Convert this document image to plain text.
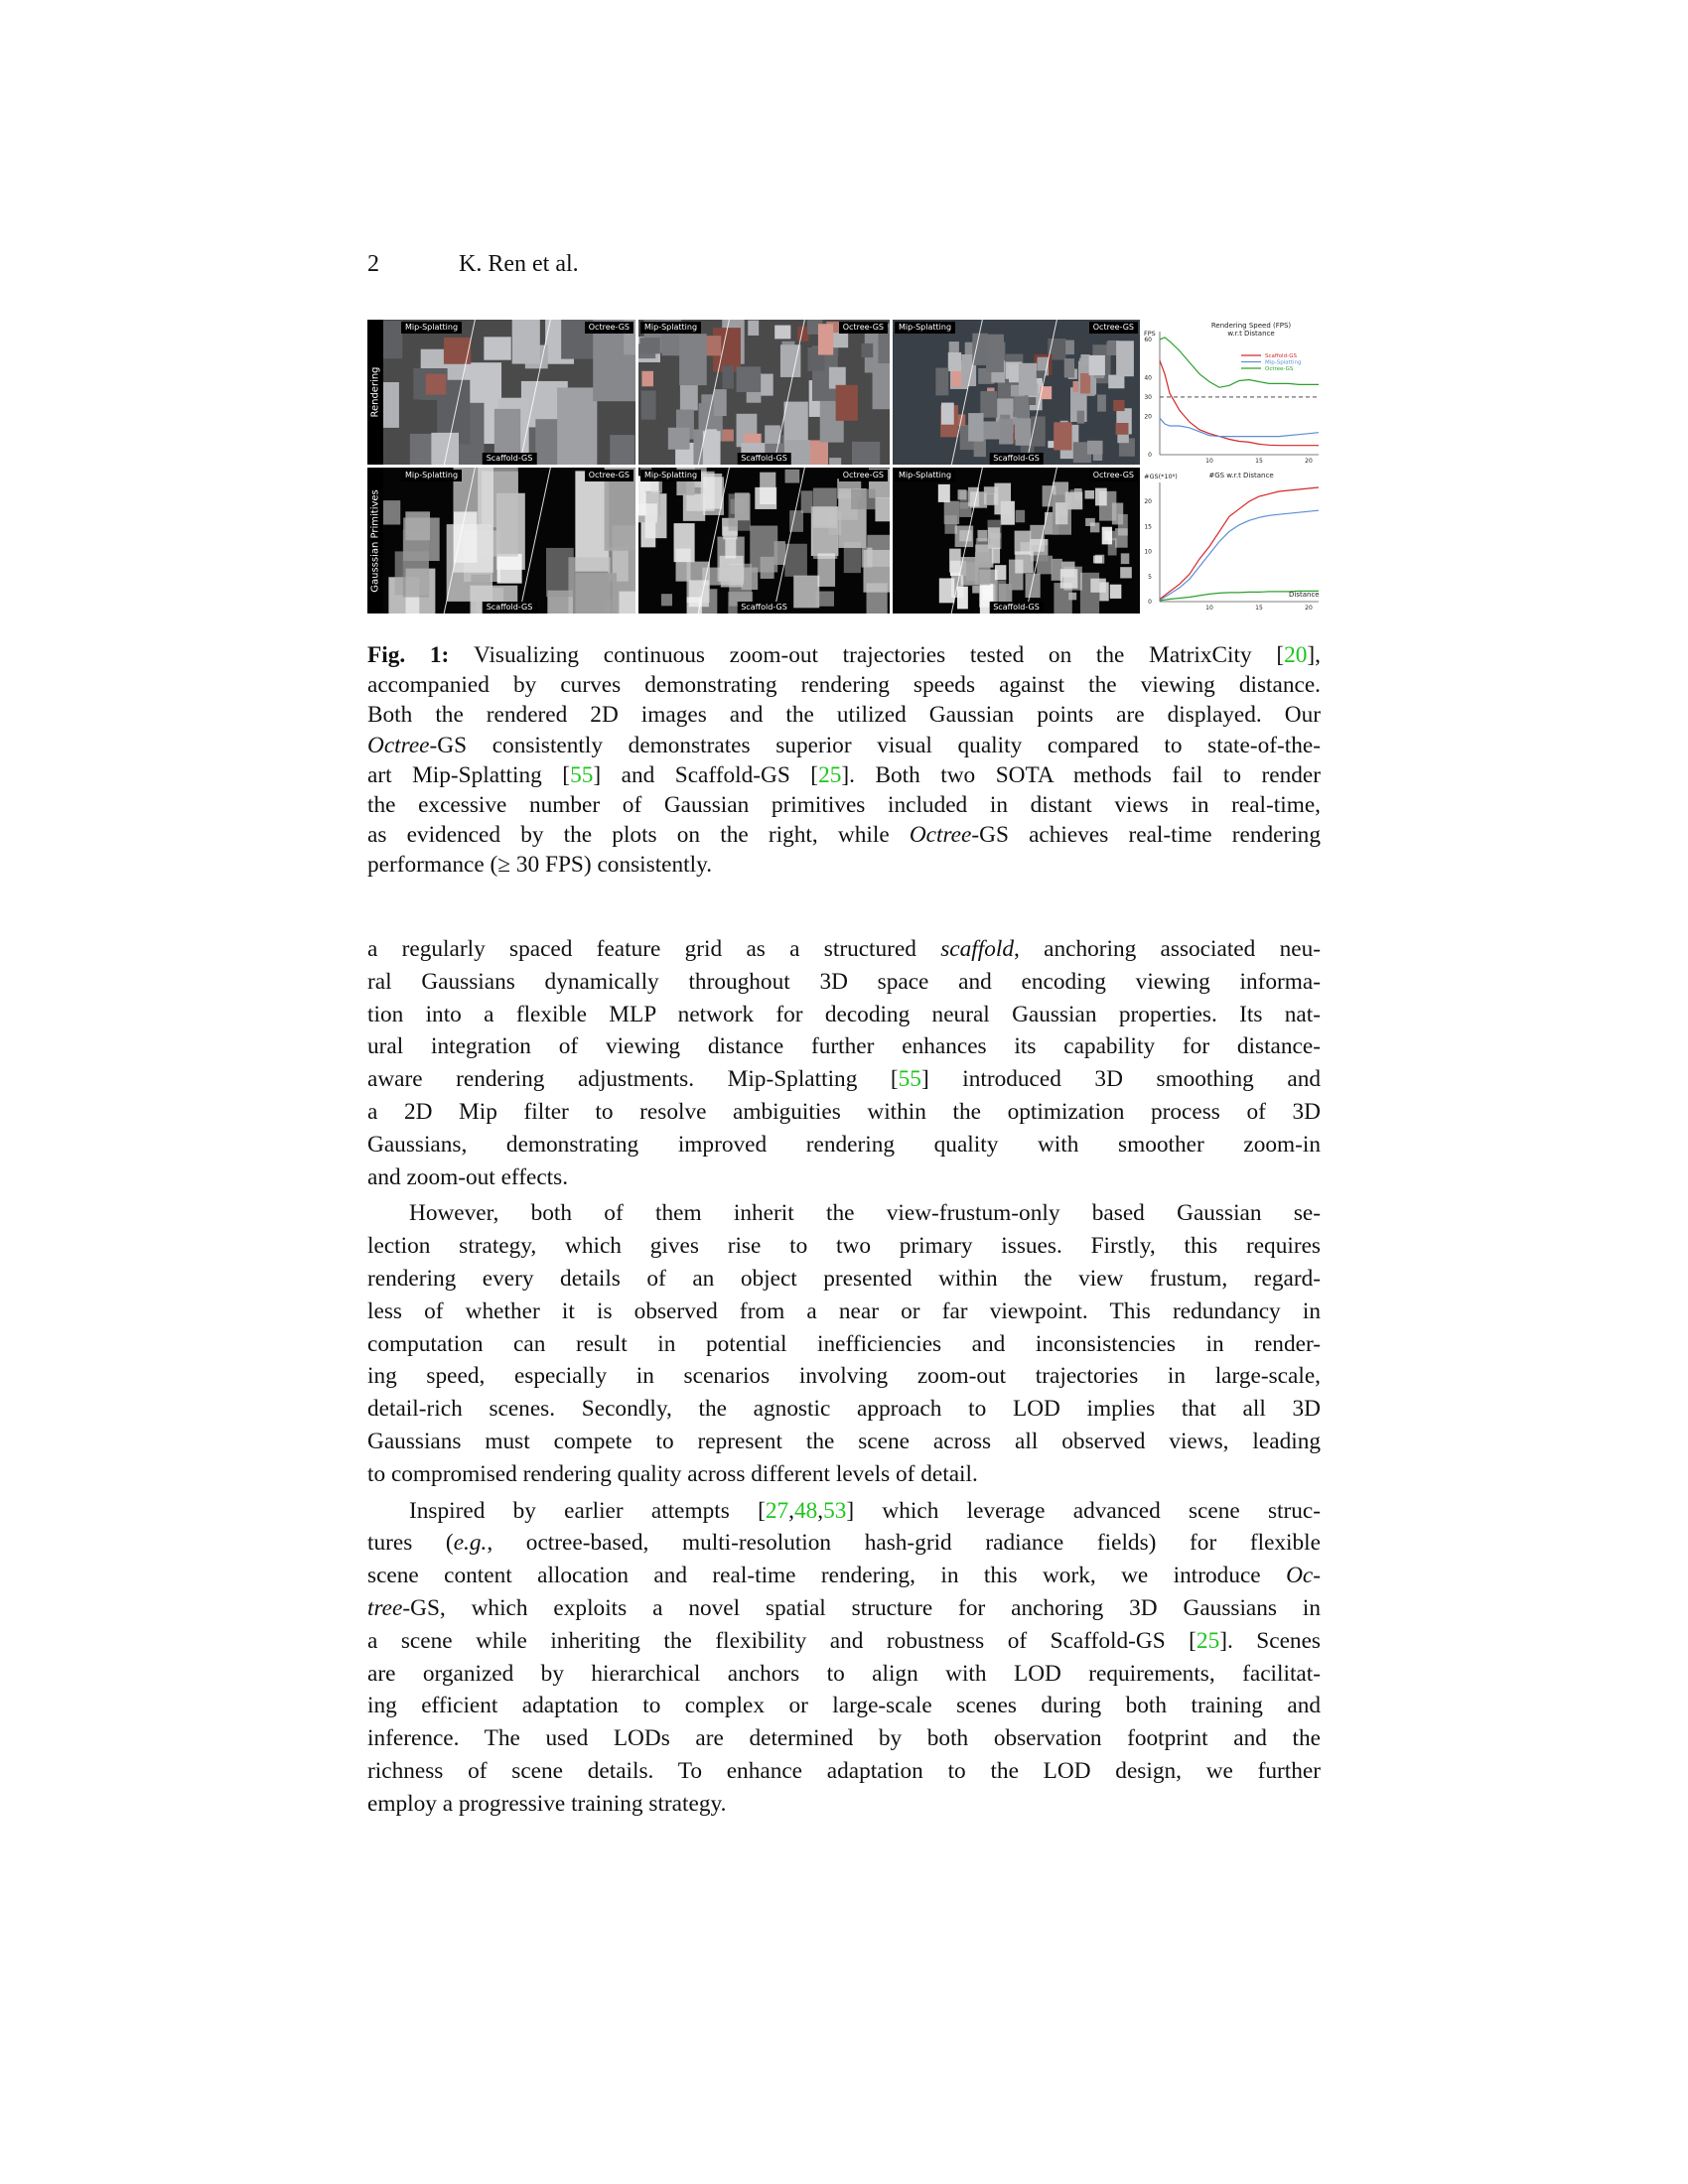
2	K. Ren et al.
Rendering
Gausssian Primitives
Mip-Splatting	Octree-GS
Scaffold-GS
Mip-Splatting	Octree-GS
Scaffold-GS
Mip-Splatting	Octree-GS
Scaffold-GS
Mip-Splatting	Octree-GS
Scaffold-GS
Mip-Splatting	Octree-GS
Scaffold-GS
Mip-Splatting	Octree-GS
Scaffold-GS
0
20
30
40
60
10	15	20
Rendering Speed (FPS)
w.r.t Distance
FPS
Scaffold-GS
Mip-Splatting
Octree-GS
0
5
10
15
20
10	15	20
#GS(*10⁶)	#GS w.r.t Distance
Distance
Fig. 1: Visualizing continuous zoom-out trajectories tested on the MatrixCity [20],
accompanied by curves demonstrating rendering speeds against the viewing distance.
Both the rendered 2D images and the utilized Gaussian points are displayed. Our
Octree-GS consistently demonstrates superior visual quality compared to state-of-the-
art Mip-Splatting [55] and Scaffold-GS [25]. Both two SOTA methods fail to render
the excessive number of Gaussian primitives included in distant views in real-time,
as evidenced by the plots on the right, while Octree-GS achieves real-time rendering
performance (≥ 30 FPS) consistently.

a regularly spaced feature grid as a structured scaffold, anchoring associated neu-
ral Gaussians dynamically throughout 3D space and encoding viewing informa-
tion into a flexible MLP network for decoding neural Gaussian properties. Its nat-
ural integration of viewing distance further enhances its capability for distance-
aware rendering adjustments. Mip-Splatting [55] introduced 3D smoothing and
a 2D Mip filter to resolve ambiguities within the optimization process of 3D
Gaussians, demonstrating improved rendering quality with smoother zoom-in
and zoom-out effects.

However, both of them inherit the view-frustum-only based Gaussian se-
lection strategy, which gives rise to two primary issues. Firstly, this requires
rendering every details of an object presented within the view frustum, regard-
less of whether it is observed from a near or far viewpoint. This redundancy in
computation can result in potential inefficiencies and inconsistencies in render-
ing speed, especially in scenarios involving zoom-out trajectories in large-scale,
detail-rich scenes. Secondly, the agnostic approach to LOD implies that all 3D
Gaussians must compete to represent the scene across all observed views, leading
to compromised rendering quality across different levels of detail.

Inspired by earlier attempts [27,48,53] which leverage advanced scene struc-
tures (e.g., octree-based, multi-resolution hash-grid radiance fields) for flexible
scene content allocation and real-time rendering, in this work, we introduce Oc-
tree-GS, which exploits a novel spatial structure for anchoring 3D Gaussians in
a scene while inheriting the flexibility and robustness of Scaffold-GS [25]. Scenes
are organized by hierarchical anchors to align with LOD requirements, facilitat-
ing efficient adaptation to complex or large-scale scenes during both training and
inference. The used LODs are determined by both observation footprint and the
richness of scene details. To enhance adaptation to the LOD design, we further
employ a progressive training strategy.
